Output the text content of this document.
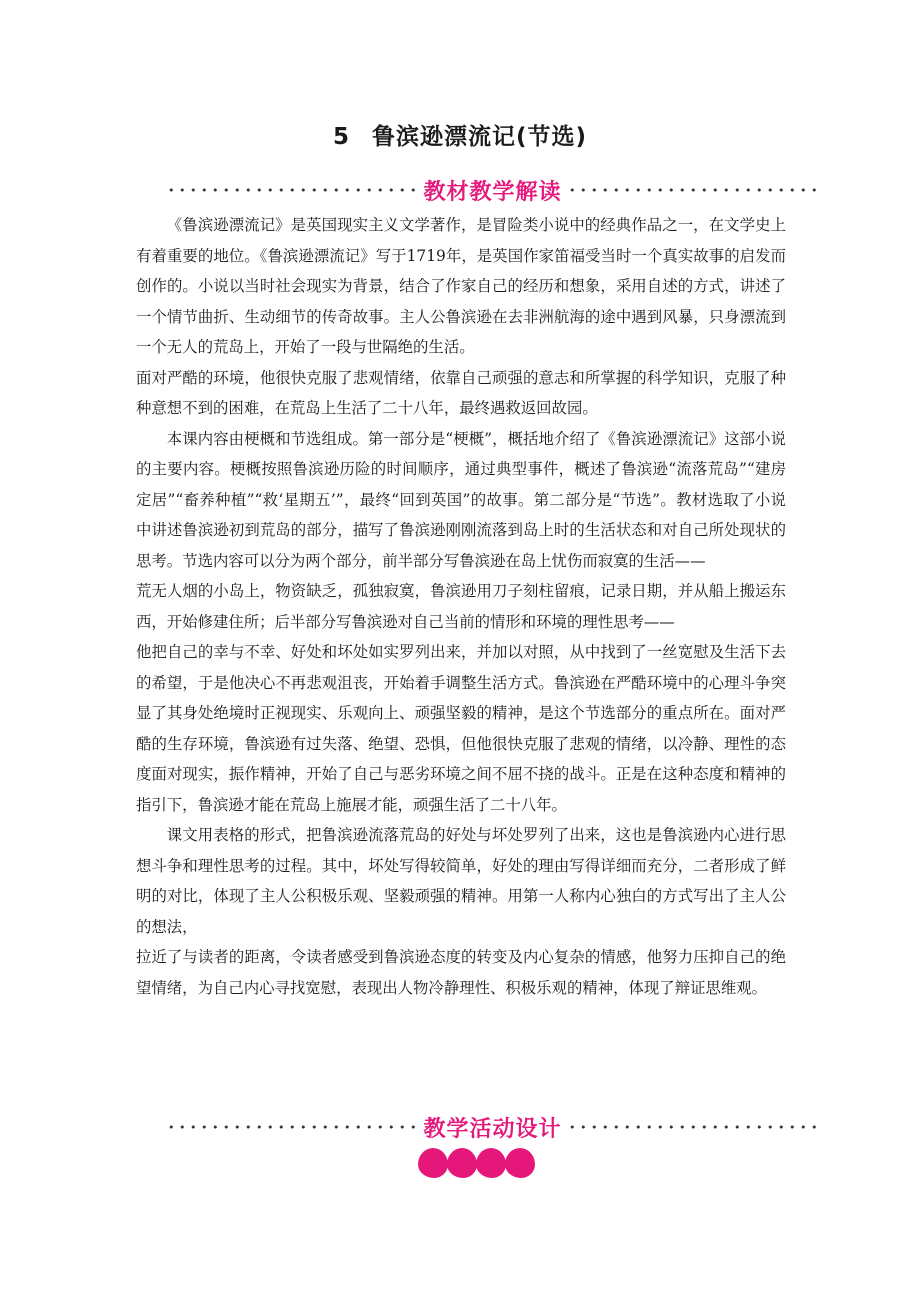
5 鲁滨逊漂流记(节选)
教材教学解读

《鲁滨逊漂流记》是英国现实主义文学著作，是冒险类小说中的经典作品之一，在文学史上有着重要的地位。《鲁滨逊漂流记》写于1719年，是英国作家笛福受当时一个真实故事的启发而创作的。小说以当时社会现实为背景，结合了作家自己的经历和想象，采用自述的方式，讲述了一个情节曲折、生动细节的传奇故事。主人公鲁滨逊在去非洲航海的途中遇到风暴，只身漂流到一个无人的荒岛上，开始了一段与世隔绝的生活。

面对严酷的环境，他很快克服了悲观情绪，依靠自己顽强的意志和所掌握的科学知识，克服了种种意想不到的困难，在荒岛上生活了二十八年，最终遇救返回故园。

本课内容由梗概和节选组成。第一部分是“梗概”，概括地介绍了《鲁滨逊漂流记》这部小说的主要内容。梗概按照鲁滨逊历险的时间顺序，通过典型事件，概述了鲁滨逊“流落荒岛”“建房定居”“畜养种植”“救‘星期五’”，最终“回到英国”的故事。第二部分是“节选”。教材选取了小说中讲述鲁滨逊初到荒岛的部分，描写了鲁滨逊刚刚流落到岛上时的生活状态和对自己所处现状的思考。节选内容可以分为两个部分，前半部分写鲁滨逊在岛上忧伤而寂寞的生活——

荒无人烟的小岛上，物资缺乏，孤独寂寞，鲁滨逊用刀子刻柱留痕，记录日期，并从船上搬运东西，开始修建住所；后半部分写鲁滨逊对自己当前的情形和环境的理性思考——

他把自己的幸与不幸、好处和坏处如实罗列出来，并加以对照，从中找到了一丝宽慰及生活下去的希望，于是他决心不再悲观沮丧，开始着手调整生活方式。鲁滨逊在严酷环境中的心理斗争突显了其身处绝境时正视现实、乐观向上、顽强坚毅的精神，是这个节选部分的重点所在。面对严酷的生存环境，鲁滨逊有过失落、绝望、恐惧，但他很快克服了悲观的情绪，以冷静、理性的态度面对现实，振作精神，开始了自己与恶劣环境之间不屈不挠的战斗。正是在这种态度和精神的指引下，鲁滨逊才能在荒岛上施展才能，顽强生活了二十八年。

课文用表格的形式，把鲁滨逊流落荒岛的好处与坏处罗列了出来，这也是鲁滨逊内心进行思想斗争和理性思考的过程。其中，坏处写得较简单，好处的理由写得详细而充分，二者形成了鲜明的对比，体现了主人公积极乐观、坚毅顽强的精神。用第一人称内心独白的方式写出了主人公的想法，

拉近了与读者的距离，令读者感受到鲁滨逊态度的转变及内心复杂的情感，他努力压抑自己的绝望情绪，为自己内心寻找宽慰，表现出人物冷静理性、积极乐观的精神，体现了辩证思维观。

教学活动设计
